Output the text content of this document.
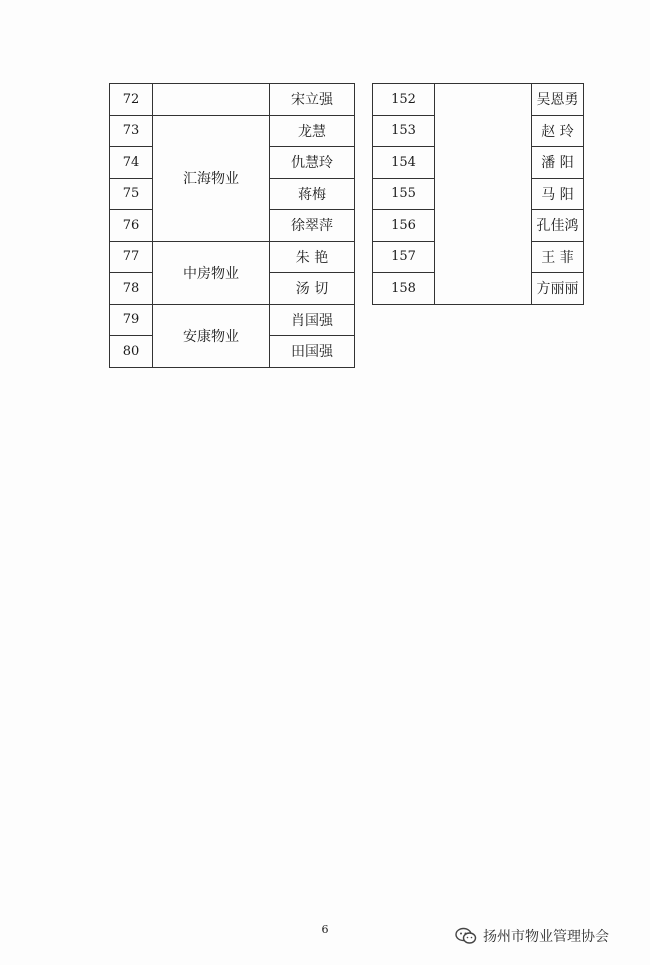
72		宋立强
73	汇海物业	龙慧
74		仇慧玲
75		蒋梅
76		徐翠萍
77	中房物业	朱 艳
78		汤 切
79	安康物业	肖国强
80		田国强
152		吴恩勇
153		赵 玲
154		潘 阳
155		马 阳
156		孔佳鸿
157		王 菲
158		方丽丽
6	扬州市物业管理协会
